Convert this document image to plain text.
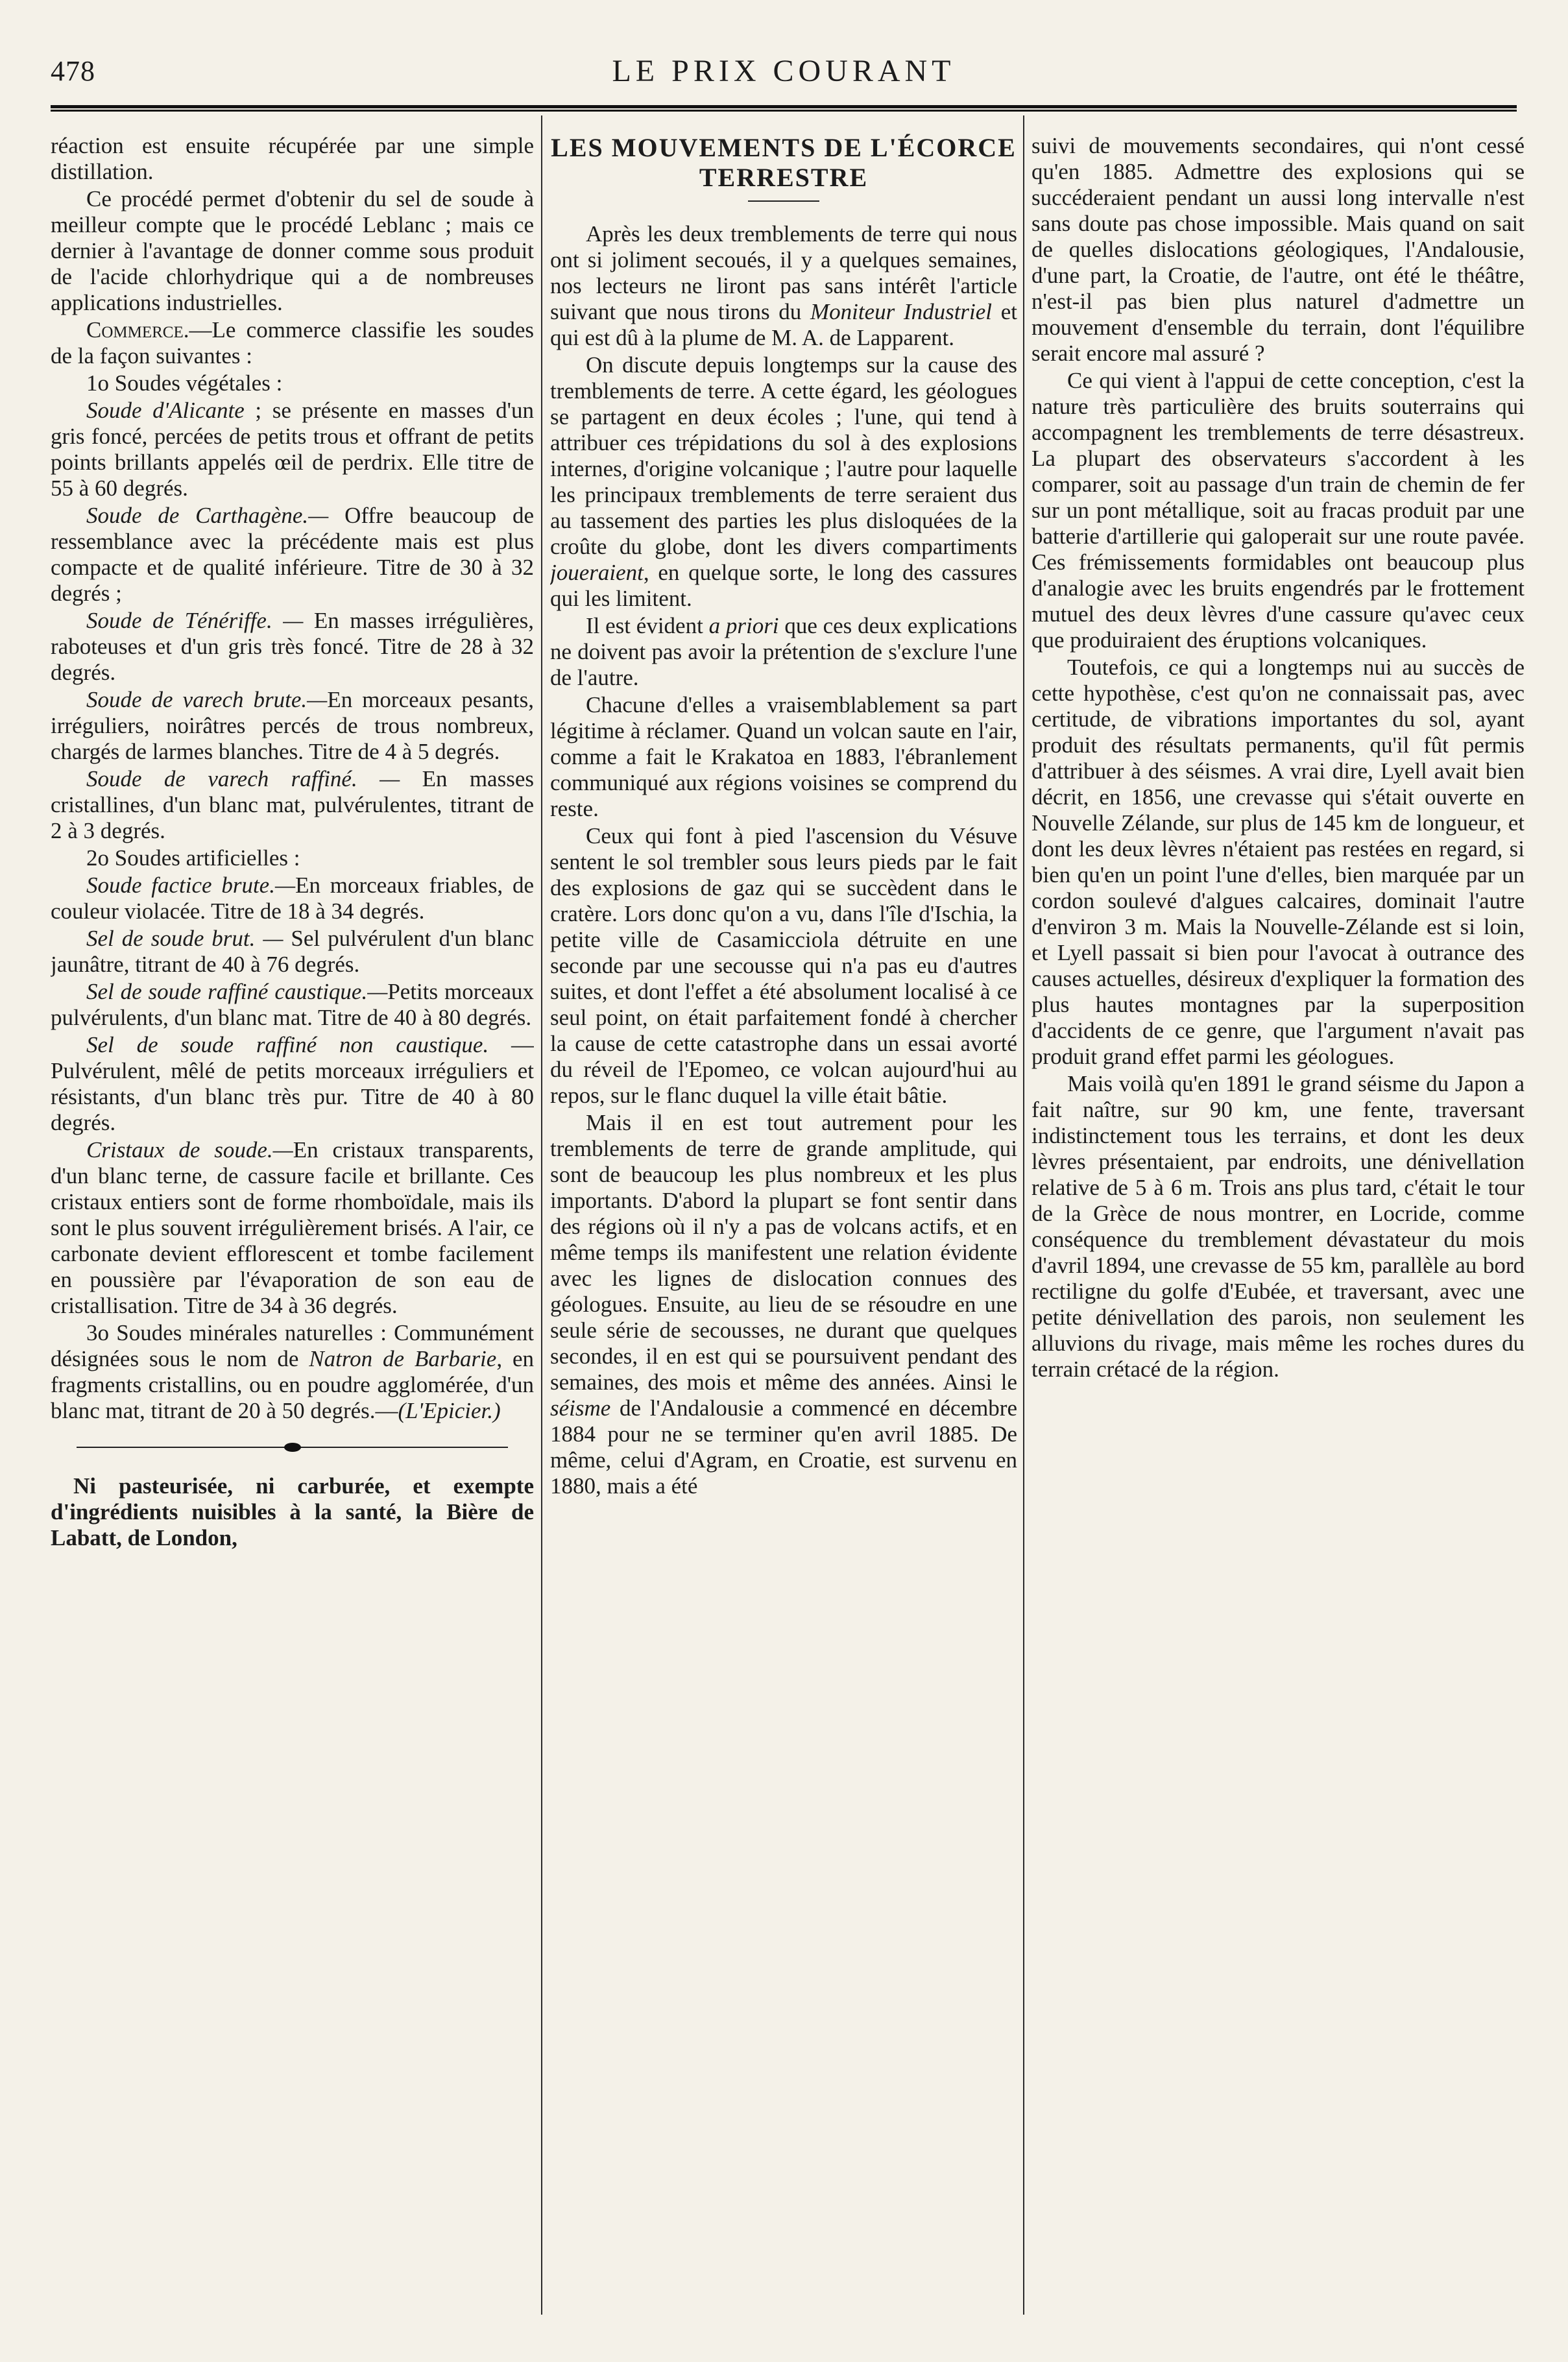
478	LE PRIX COURANT

réaction est ensuite récupérée par une simple distillation.

Ce procédé permet d'obtenir du sel de soude à meilleur compte que le procédé Leblanc ; mais ce dernier à l'avantage de donner comme sous produit de l'acide chlorhydrique qui a de nombreuses applications industrielles.

Commerce.—Le commerce classifie les soudes de la façon suivantes :

1o Soudes végétales :

Soude d'Alicante ; se présente en masses d'un gris foncé, percées de petits trous et offrant de petits points brillants appelés œil de perdrix. Elle titre de 55 à 60 degrés.

Soude de Carthagène.— Offre beaucoup de ressemblance avec la précédente mais est plus compacte et de qualité inférieure. Titre de 30 à 32 degrés ;

Soude de Ténériffe. — En masses irrégulières, raboteuses et d'un gris très foncé. Titre de 28 à 32 degrés.

Soude de varech brute.—En morceaux pesants, irréguliers, noirâtres percés de trous nombreux, chargés de larmes blanches. Titre de 4 à 5 degrés.

Soude de varech raffiné. — En masses cristallines, d'un blanc mat, pulvérulentes, titrant de 2 à 3 degrés.

2o Soudes artificielles :

Soude factice brute.—En morceaux friables, de couleur violacée. Titre de 18 à 34 degrés.

Sel de soude brut. — Sel pulvérulent d'un blanc jaunâtre, titrant de 40 à 76 degrés.

Sel de soude raffiné caustique.—Petits morceaux pulvérulents, d'un blanc mat. Titre de 40 à 80 degrés.

Sel de soude raffiné non caustique. —Pulvérulent, mêlé de petits morceaux irréguliers et résistants, d'un blanc très pur. Titre de 40 à 80 degrés.

Cristaux de soude.—En cristaux transparents, d'un blanc terne, de cassure facile et brillante. Ces cristaux entiers sont de forme rhomboïdale, mais ils sont le plus souvent irrégulièrement brisés. A l'air, ce carbonate devient efflorescent et tombe facilement en poussière par l'évaporation de son eau de cristallisation. Titre de 34 à 36 degrés.

3o Soudes minérales naturelles : Communément désignées sous le nom de Natron de Barbarie, en fragments cristallins, ou en poudre agglomérée, d'un blanc mat, titrant de 20 à 50 degrés.—(L'Epicier.)

Ni pasteurisée, ni carburée, et exempte d'ingrédients nuisibles à la santé, la Bière de Labatt, de London,

LES MOUVEMENTS DE L'ÉCORCE TERRESTRE

Après les deux tremblements de terre qui nous ont si joliment secoués, il y a quelques semaines, nos lecteurs ne liront pas sans intérêt l'article suivant que nous tirons du Moniteur Industriel et qui est dû à la plume de M. A. de Lapparent.

On discute depuis longtemps sur la cause des tremblements de terre. A cette égard, les géologues se partagent en deux écoles ; l'une, qui tend à attribuer ces trépidations du sol à des explosions internes, d'origine volcanique ; l'autre pour laquelle les principaux tremblements de terre seraient dus au tassement des parties les plus disloquées de la croûte du globe, dont les divers compartiments joueraient, en quelque sorte, le long des cassures qui les limitent.

Il est évident a priori que ces deux explications ne doivent pas avoir la prétention de s'exclure l'une de l'autre.

Chacune d'elles a vraisemblablement sa part légitime à réclamer. Quand un volcan saute en l'air, comme a fait le Krakatoa en 1883, l'ébranlement communiqué aux régions voisines se comprend du reste.

Ceux qui font à pied l'ascension du Vésuve sentent le sol trembler sous leurs pieds par le fait des explosions de gaz qui se succèdent dans le cratère. Lors donc qu'on a vu, dans l'île d'Ischia, la petite ville de Casamicciola détruite en une seconde par une secousse qui n'a pas eu d'autres suites, et dont l'effet a été absolument localisé à ce seul point, on était parfaitement fondé à chercher la cause de cette catastrophe dans un essai avorté du réveil de l'Epomeo, ce volcan aujourd'hui au repos, sur le flanc duquel la ville était bâtie.

Mais il en est tout autrement pour les tremblements de terre de grande amplitude, qui sont de beaucoup les plus nombreux et les plus importants. D'abord la plupart se font sentir dans des régions où il n'y a pas de volcans actifs, et en même temps ils manifestent une relation évidente avec les lignes de dislocation connues des géologues. Ensuite, au lieu de se résoudre en une seule série de secousses, ne durant que quelques secondes, il en est qui se poursuivent pendant des semaines, des mois et même des années. Ainsi le séisme de l'Andalousie a commencé en décembre 1884 pour ne se terminer qu'en avril 1885. De même, celui d'Agram, en Croatie, est survenu en 1880, mais a été

suivi de mouvements secondaires, qui n'ont cessé qu'en 1885. Admettre des explosions qui se succéderaient pendant un aussi long intervalle n'est sans doute pas chose impossible. Mais quand on sait de quelles dislocations géologiques, l'Andalousie, d'une part, la Croatie, de l'autre, ont été le théâtre, n'est-il pas bien plus naturel d'admettre un mouvement d'ensemble du terrain, dont l'équilibre serait encore mal assuré ?

Ce qui vient à l'appui de cette conception, c'est la nature très particulière des bruits souterrains qui accompagnent les tremblements de terre désastreux. La plupart des observateurs s'accordent à les comparer, soit au passage d'un train de chemin de fer sur un pont métallique, soit au fracas produit par une batterie d'artillerie qui galoperait sur une route pavée. Ces frémissements formidables ont beaucoup plus d'analogie avec les bruits engendrés par le frottement mutuel des deux lèvres d'une cassure qu'avec ceux que produiraient des éruptions volcaniques.

Toutefois, ce qui a longtemps nui au succès de cette hypothèse, c'est qu'on ne connaissait pas, avec certitude, de vibrations importantes du sol, ayant produit des résultats permanents, qu'il fût permis d'attribuer à des séismes. A vrai dire, Lyell avait bien décrit, en 1856, une crevasse qui s'était ouverte en Nouvelle Zélande, sur plus de 145 km de longueur, et dont les deux lèvres n'étaient pas restées en regard, si bien qu'en un point l'une d'elles, bien marquée par un cordon soulevé d'algues calcaires, dominait l'autre d'environ 3 m. Mais la Nouvelle-Zélande est si loin, et Lyell passait si bien pour l'avocat à outrance des causes actuelles, désireux d'expliquer la formation des plus hautes montagnes par la superposition d'accidents de ce genre, que l'argument n'avait pas produit grand effet parmi les géologues.

Mais voilà qu'en 1891 le grand séisme du Japon a fait naître, sur 90 km, une fente, traversant indistinctement tous les terrains, et dont les deux lèvres présentaient, par endroits, une dénivellation relative de 5 à 6 m. Trois ans plus tard, c'était le tour de la Grèce de nous montrer, en Locride, comme conséquence du tremblement dévastateur du mois d'avril 1894, une crevasse de 55 km, parallèle au bord rectiligne du golfe d'Eubée, et traversant, avec une petite dénivellation des parois, non seulement les alluvions du rivage, mais même les roches dures du terrain crétacé de la région.
